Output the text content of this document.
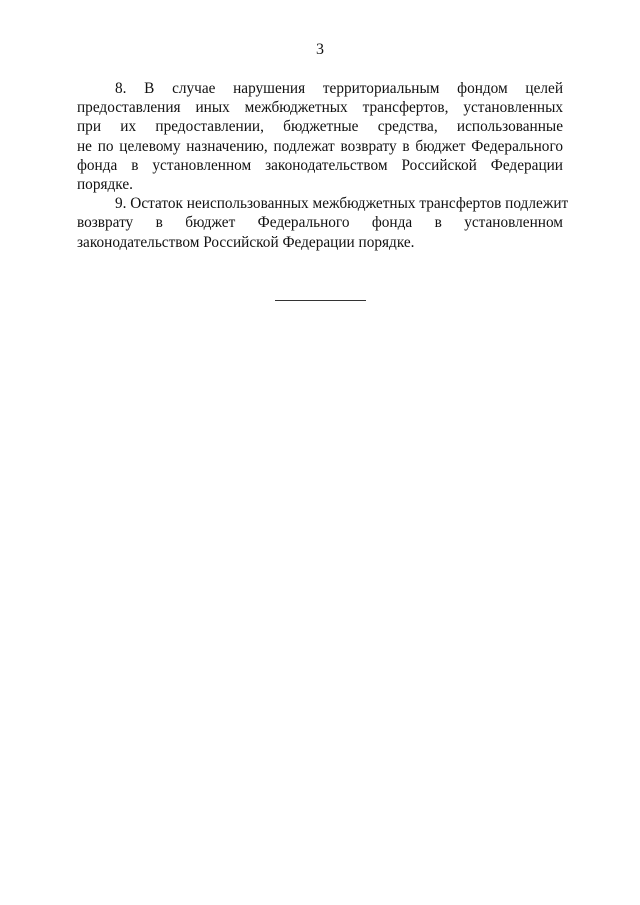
3
8. В случае нарушения территориальным фондом целей
предоставления иных межбюджетных трансфертов, установленных
при их предоставлении, бюджетные средства, использованные
не по целевому назначению, подлежат возврату в бюджет Федерального
фонда в установленном законодательством Российской Федерации
порядке.
9. Остаток неиспользованных межбюджетных трансфертов подлежит
возврату в бюджет Федерального фонда в установленном
законодательством Российской Федерации порядке.
